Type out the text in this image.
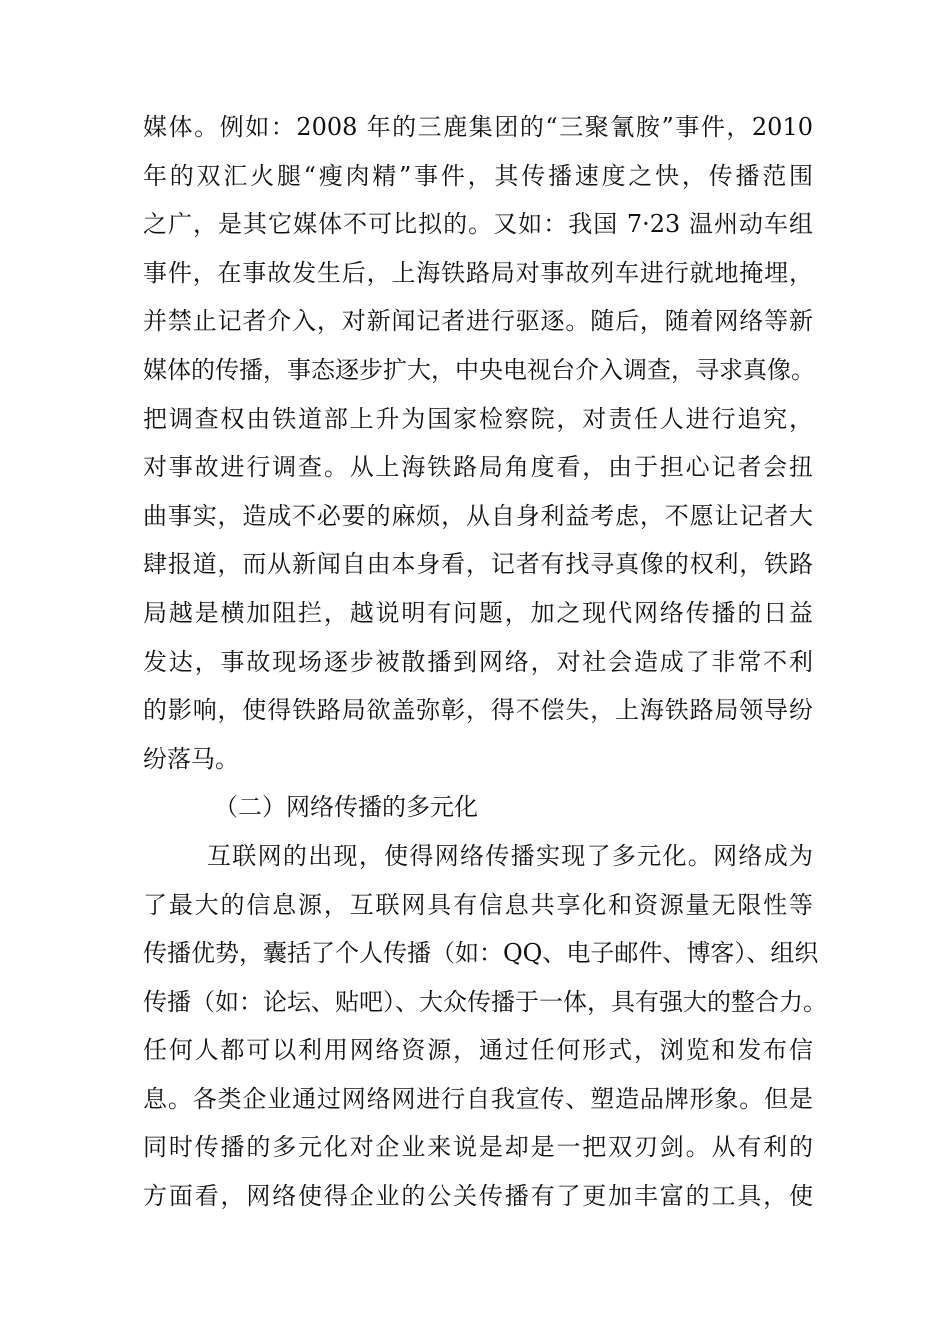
媒体。例如：2008 年的三鹿集团的“三聚氰胺”事件，2010
年的双汇火腿“瘦肉精”事件，其传播速度之快，传播范围
之广，是其它媒体不可比拟的。又如：我国 7·23 温州动车组
事件，在事故发生后，上海铁路局对事故列车进行就地掩埋，
并禁止记者介入，对新闻记者进行驱逐。随后，随着网络等新
媒体的传播，事态逐步扩大，中央电视台介入调查，寻求真像。
把调查权由铁道部上升为国家检察院，对责任人进行追究，
对事故进行调查。从上海铁路局角度看，由于担心记者会扭
曲事实，造成不必要的麻烦，从自身利益考虑，不愿让记者大
肆报道，而从新闻自由本身看，记者有找寻真像的权利，铁路
局越是横加阻拦，越说明有问题，加之现代网络传播的日益
发达，事故现场逐步被散播到网络，对社会造成了非常不利
的影响，使得铁路局欲盖弥彰，得不偿失，上海铁路局领导纷
纷落马。
（二）网络传播的多元化
互联网的出现，使得网络传播实现了多元化。网络成为
了最大的信息源，互联网具有信息共享化和资源量无限性等
传播优势，囊括了个人传播（如：QQ、电子邮件、博客）、组织
传播（如：论坛、贴吧）、大众传播于一体，具有强大的整合力。
任何人都可以利用网络资源，通过任何形式，浏览和发布信
息。各类企业通过网络网进行自我宣传、塑造品牌形象。但是
同时传播的多元化对企业来说是却是一把双刃剑。从有利的
方面看，网络使得企业的公关传播有了更加丰富的工具，使
